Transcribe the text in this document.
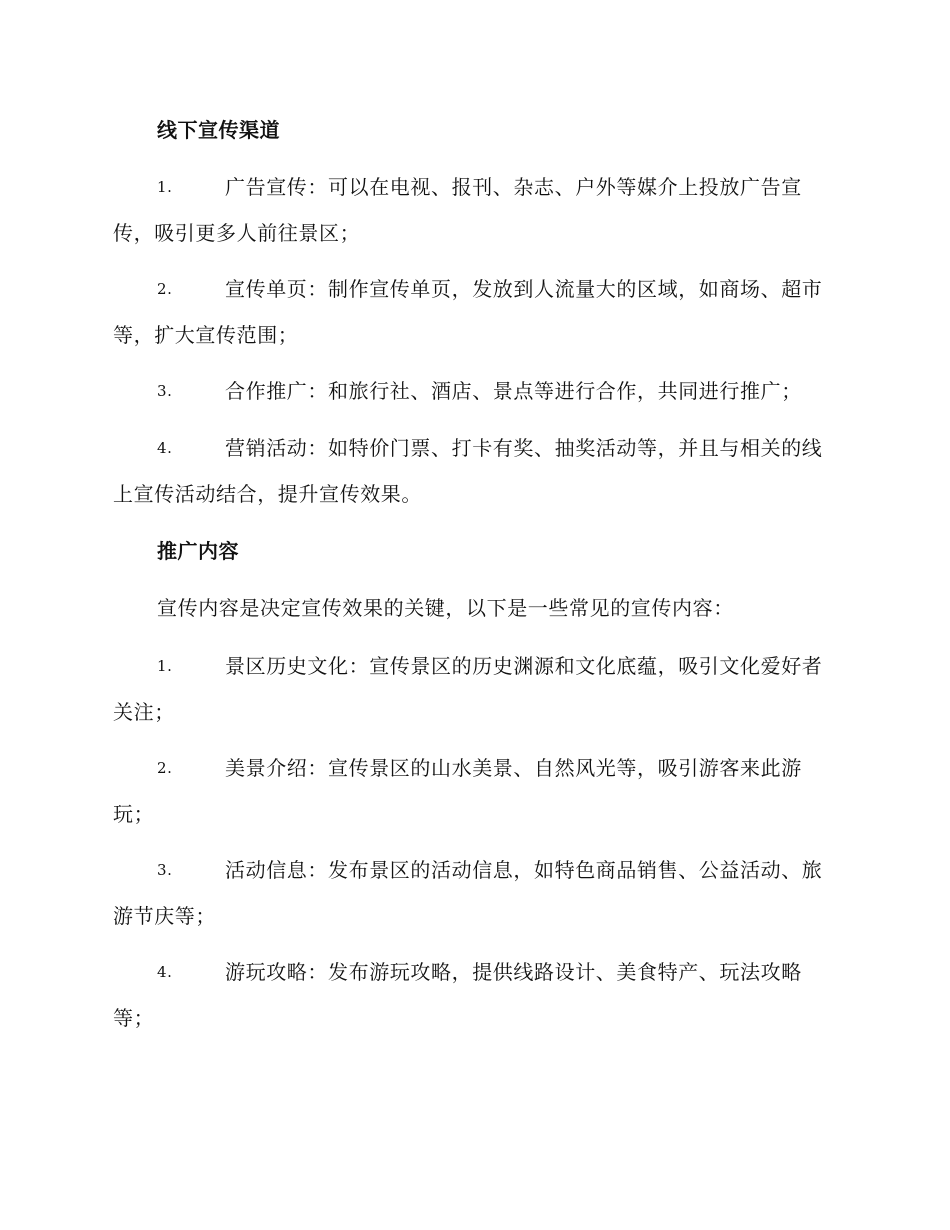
线下宣传渠道
1.	广告宣传：可以在电视、报刊、杂志、户外等媒介上投放广告宣传，吸引更多人前往景区；
2.	宣传单页：制作宣传单页，发放到人流量大的区域，如商场、超市等，扩大宣传范围；
3.	合作推广：和旅行社、酒店、景点等进行合作，共同进行推广；
4.	营销活动：如特价门票、打卡有奖、抽奖活动等，并且与相关的线上宣传活动结合，提升宣传效果。
推广内容
宣传内容是决定宣传效果的关键，以下是一些常见的宣传内容：
1.	景区历史文化：宣传景区的历史渊源和文化底蕴，吸引文化爱好者关注；
2.	美景介绍：宣传景区的山水美景、自然风光等，吸引游客来此游玩；
3.	活动信息：发布景区的活动信息，如特色商品销售、公益活动、旅游节庆等；
4.	游玩攻略：发布游玩攻略，提供线路设计、美食特产、玩法攻略等；
